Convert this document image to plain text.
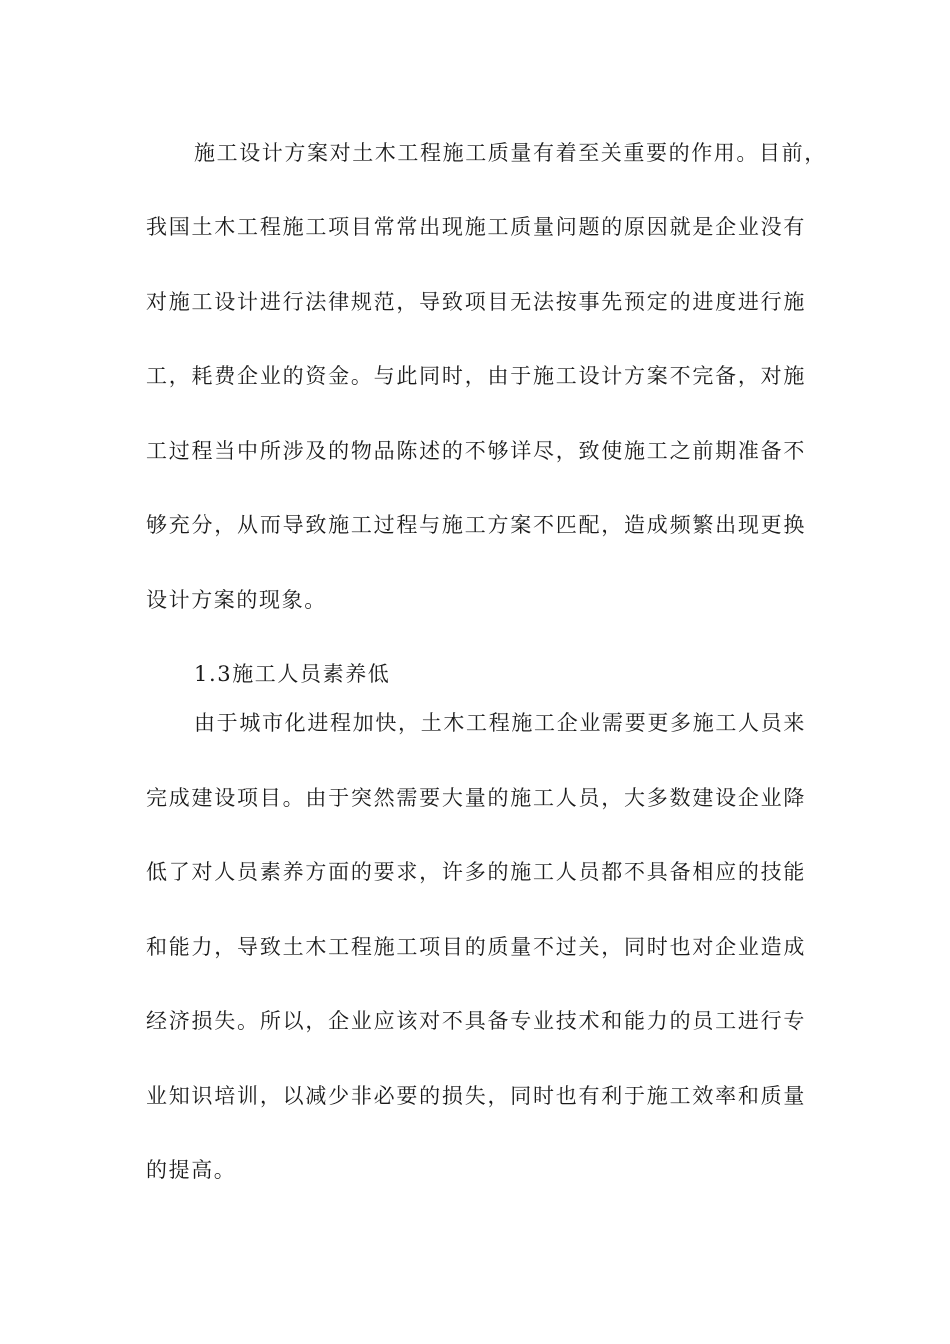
施工设计方案对土木工程施工质量有着至关重要的作用。目前，
我国土木工程施工项目常常出现施工质量问题的原因就是企业没有
对施工设计进行法律规范，导致项目无法按事先预定的进度进行施
工，耗费企业的资金。与此同时，由于施工设计方案不完备，对施
工过程当中所涉及的物品陈述的不够详尽，致使施工之前期准备不
够充分，从而导致施工过程与施工方案不匹配，造成频繁出现更换
设计方案的现象。
1.3施工人员素养低
由于城市化进程加快，土木工程施工企业需要更多施工人员来
完成建设项目。由于突然需要大量的施工人员，大多数建设企业降
低了对人员素养方面的要求，许多的施工人员都不具备相应的技能
和能力，导致土木工程施工项目的质量不过关，同时也对企业造成
经济损失。所以，企业应该对不具备专业技术和能力的员工进行专
业知识培训，以减少非必要的损失，同时也有利于施工效率和质量
的提高。
